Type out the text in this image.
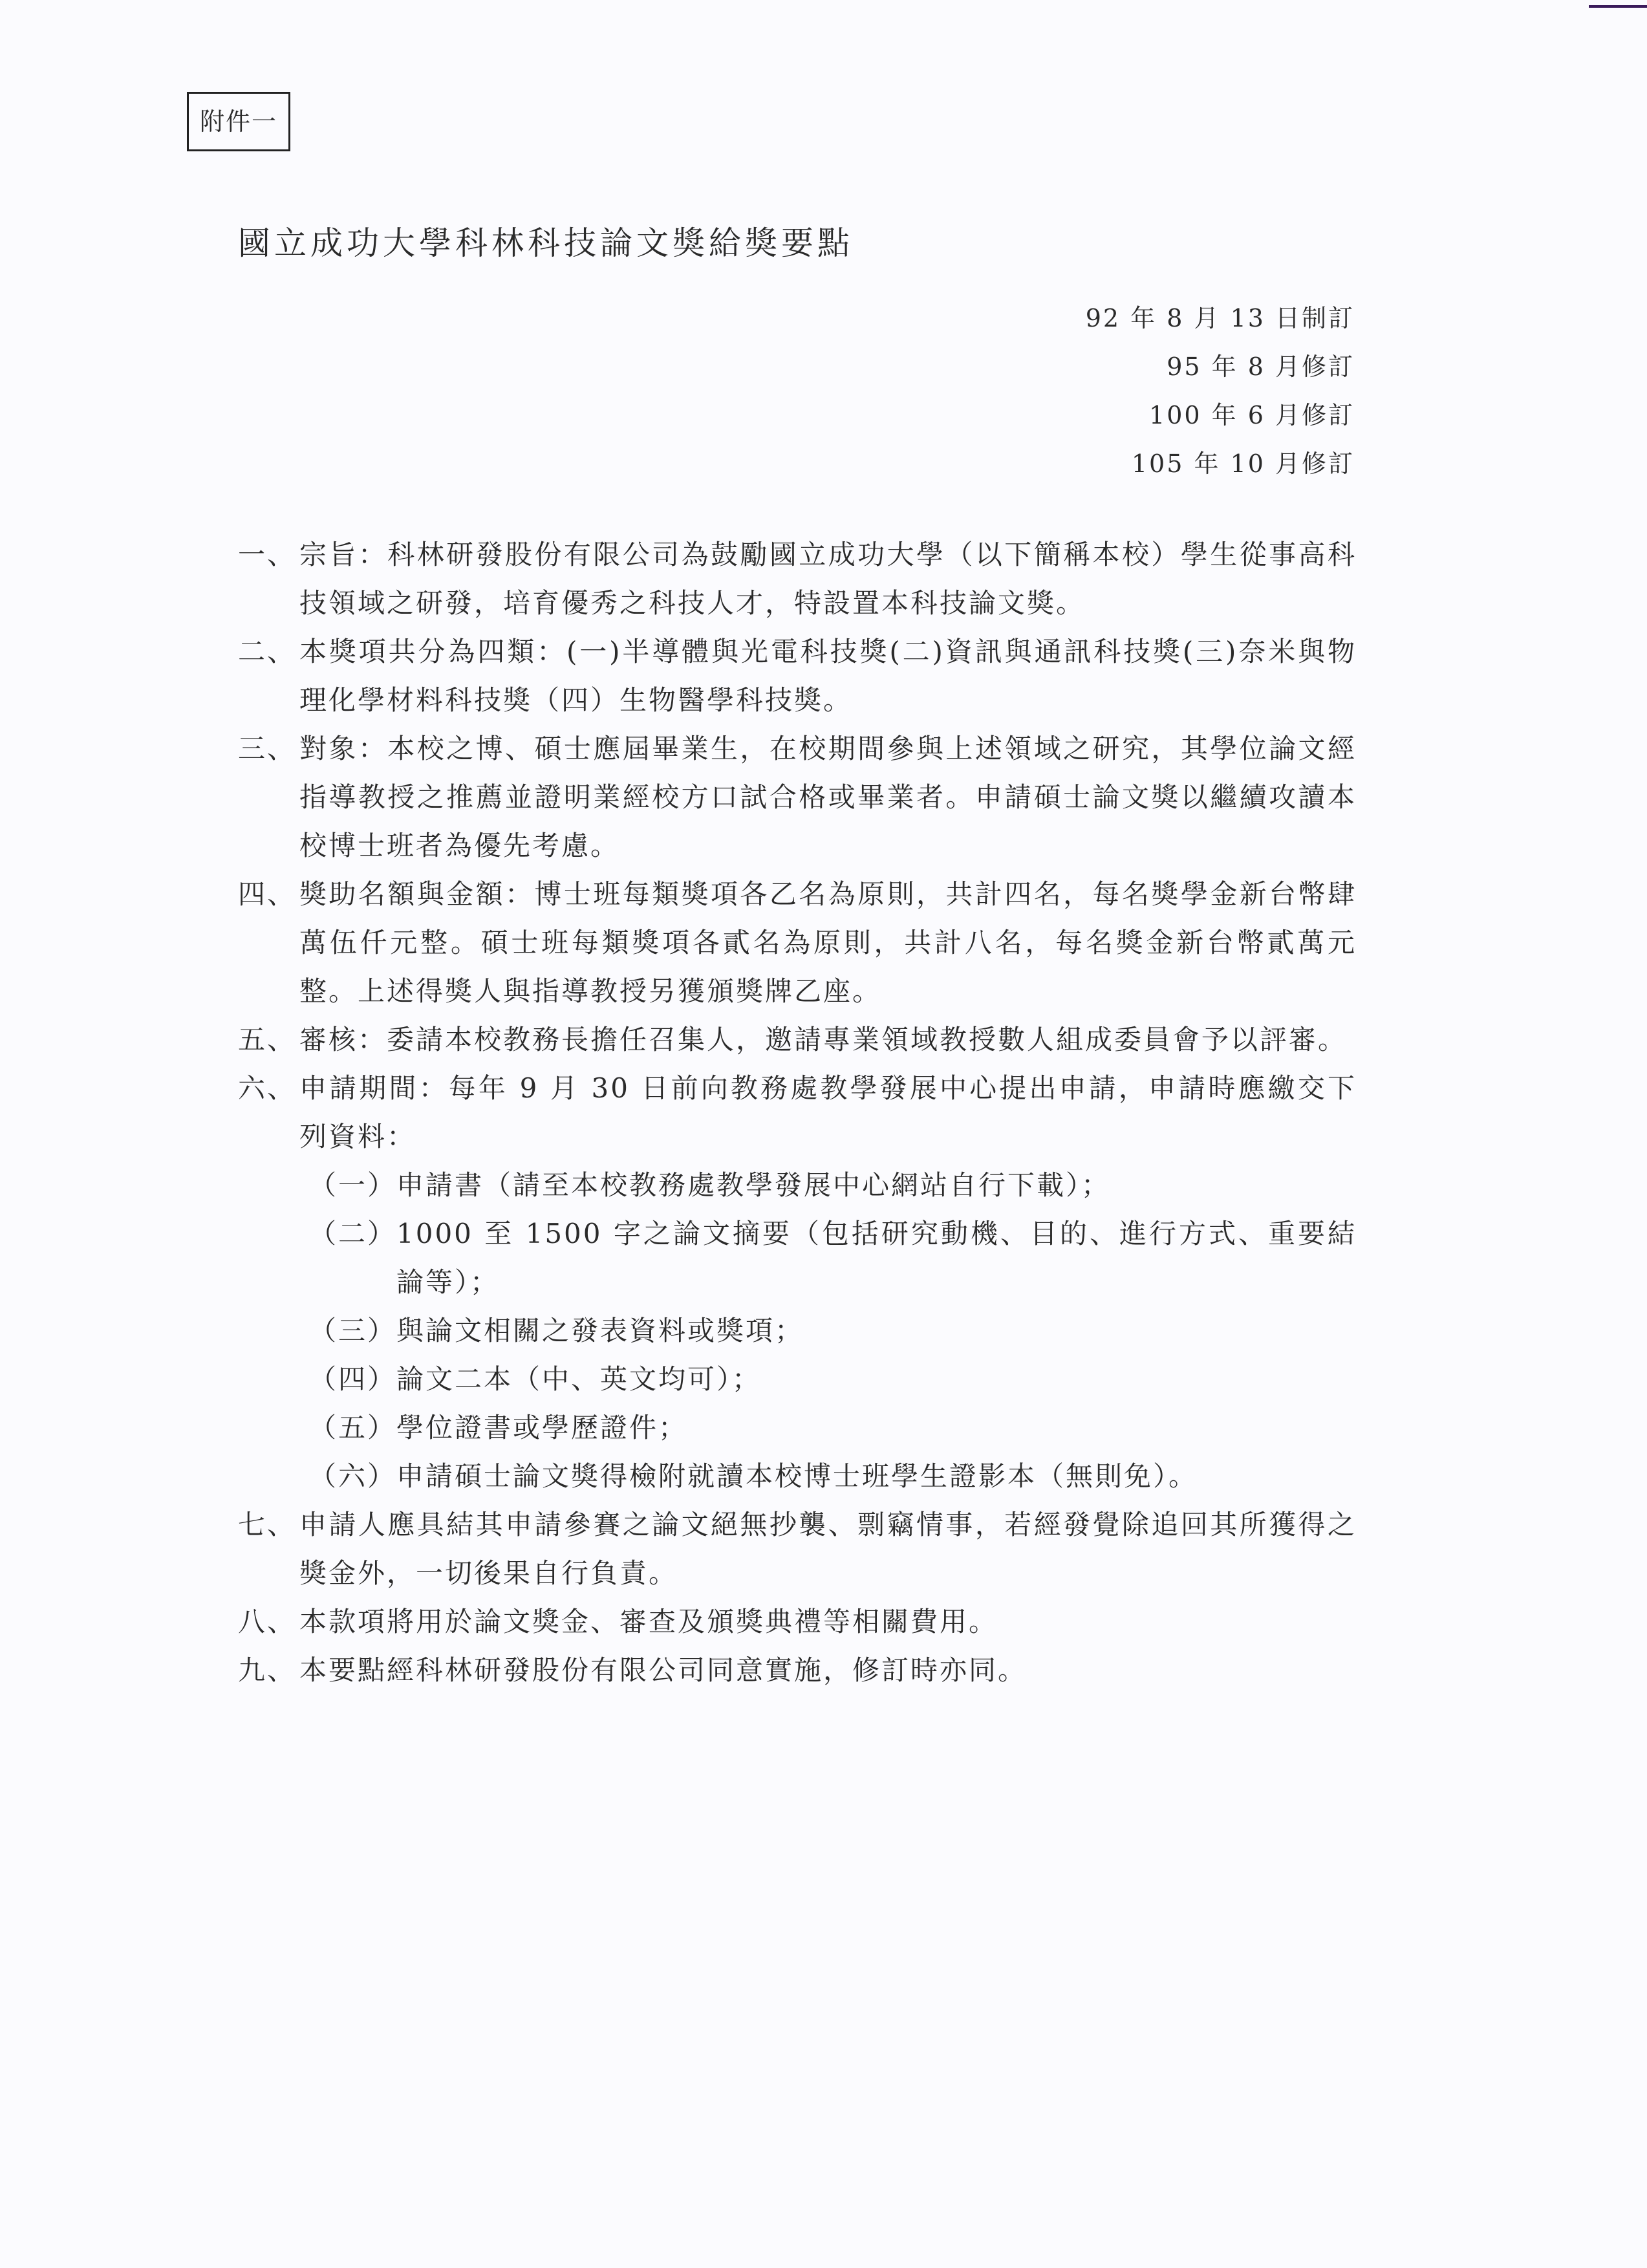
附件一
國立成功大學科林科技論文獎給獎要點
92 年 8 月 13 日制訂
95 年 8 月修訂
100 年 6 月修訂
105 年 10 月修訂
一、 宗旨：科林研發股份有限公司為鼓勵國立成功大學（以下簡稱本校）學生從事高科技領域之研發，培育優秀之科技人才，特設置本科技論文獎。
二、 本獎項共分為四類：(一)半導體與光電科技獎(二)資訊與通訊科技獎(三)奈米與物理化學材料科技獎（四）生物醫學科技獎。
三、 對象：本校之博、碩士應屆畢業生，在校期間參與上述領域之研究，其學位論文經指導教授之推薦並證明業經校方口試合格或畢業者。申請碩士論文獎以繼續攻讀本校博士班者為優先考慮。
四、 獎助名額與金額：博士班每類獎項各乙名為原則，共計四名，每名獎學金新台幣肆萬伍仟元整。碩士班每類獎項各貳名為原則，共計八名，每名獎金新台幣貳萬元整。上述得獎人與指導教授另獲頒獎牌乙座。
五、 審核：委請本校教務長擔任召集人，邀請專業領域教授數人組成委員會予以評審。
六、 申請期間：每年 9 月 30 日前向教務處教學發展中心提出申請，申請時應繳交下列資料：
（一） 申請書（請至本校教務處教學發展中心網站自行下載）；
（二） 1000 至 1500 字之論文摘要（包括研究動機、目的、進行方式、重要結論等）；
（三） 與論文相關之發表資料或獎項；
（四） 論文二本（中、英文均可）；
（五） 學位證書或學歷證件；
（六） 申請碩士論文獎得檢附就讀本校博士班學生證影本（無則免）。
七、 申請人應具結其申請參賽之論文絕無抄襲、剽竊情事，若經發覺除追回其所獲得之獎金外，一切後果自行負責。
八、 本款項將用於論文獎金、審查及頒獎典禮等相關費用。
九、 本要點經科林研發股份有限公司同意實施，修訂時亦同。
